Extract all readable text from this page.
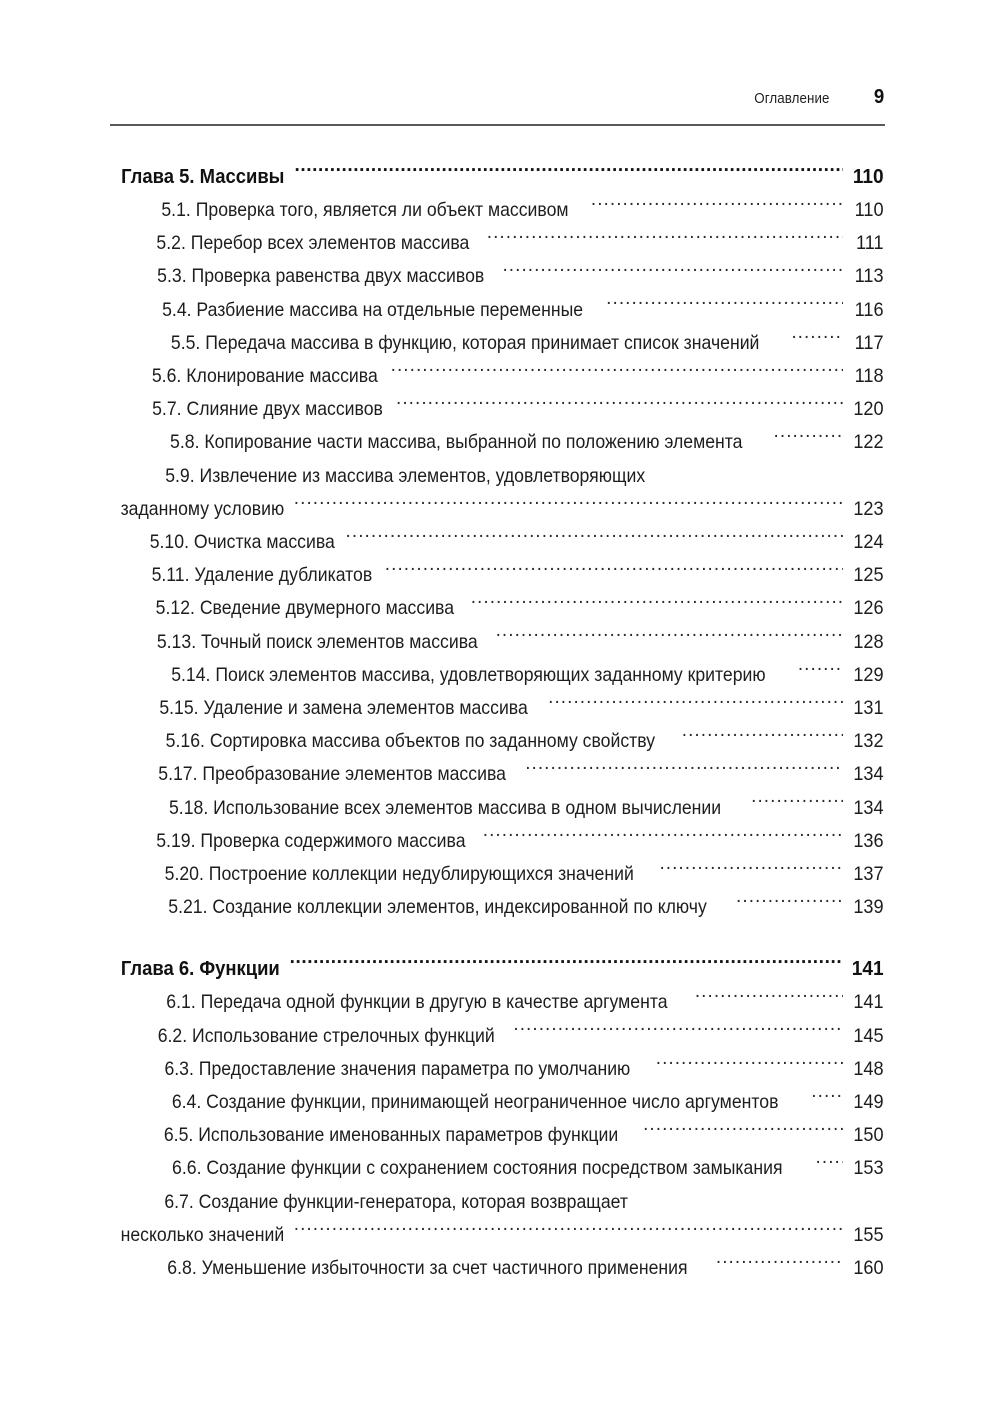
Оглавление	9
Глава 5. Массивы .....	110
5.1. Проверка того, является ли объект массивом .....	110
5.2. Перебор всех элементов массива .....	111
5.3. Проверка равенства двух массивов .....	113
5.4. Разбиение массива на отдельные переменные .....	116
5.5. Передача массива в функцию, которая принимает список значений .....	117
5.6. Клонирование массива .....	118
5.7. Слияние двух массивов .....	120
5.8. Копирование части массива, выбранной по положению элемента .....	122
5.9. Извлечение из массива элементов, удовлетворяющих
заданному условию .....	123
5.10. Очистка массива .....	124
5.11. Удаление дубликатов .....	125
5.12. Сведение двумерного массива .....	126
5.13. Точный поиск элементов массива .....	128
5.14. Поиск элементов массива, удовлетворяющих заданному критерию .....	129
5.15. Удаление и замена элементов массива .....	131
5.16. Сортировка массива объектов по заданному свойству .....	132
5.17. Преобразование элементов массива .....	134
5.18. Использование всех элементов массива в одном вычислении .....	134
5.19. Проверка содержимого массива .....	136
5.20. Построение коллекции недублирующихся значений .....	137
5.21. Создание коллекции элементов, индексированной по ключу .....	139
Глава 6. Функции .....	141
6.1. Передача одной функции в другую в качестве аргумента .....	141
6.2. Использование стрелочных функций .....	145
6.3. Предоставление значения параметра по умолчанию .....	148
6.4. Создание функции, принимающей неограниченное число аргументов .....	149
6.5. Использование именованных параметров функции .....	150
6.6. Создание функции с сохранением состояния посредством замыкания .....	153
6.7. Создание функции-генератора, которая возвращает
несколько значений .....	155
6.8. Уменьшение избыточности за счет частичного применения .....	160
